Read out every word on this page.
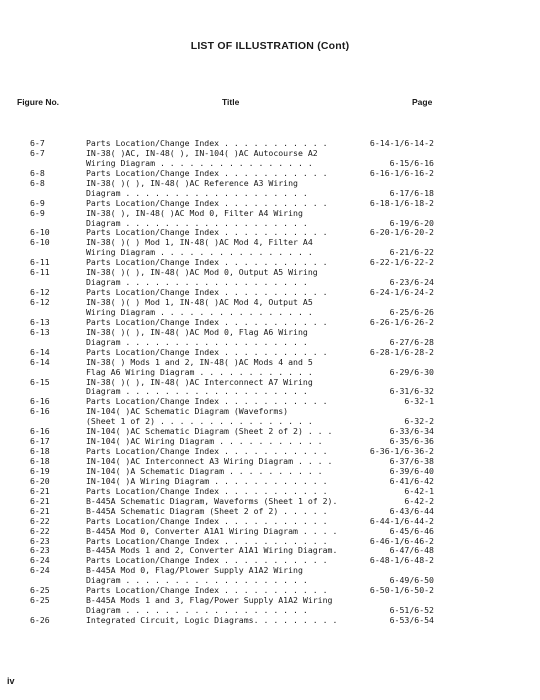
LIST OF ILLUSTRATION (Cont)
Figure No.	Title	Page
6-7	Parts Location/Change Index . . . . . . . . . . .	6-14-1/6-14-2
6-7	IN-38( )AC, IN-48( ), IN-104( )AC Autocourse A2
Wiring Diagram . . . . . . . . . . . . . . . .	6-15/6-16
6-8	Parts Location/Change Index . . . . . . . . . . .	6-16-1/6-16-2
6-8	IN-38( )( ), IN-48( )AC Reference A3 Wiring
Diagram . . . . . . . . . . . . . . . . . . .	6-17/6-18
6-9	Parts Location/Change Index . . . . . . . . . . .	6-18-1/6-18-2
6-9	IN-38( ), IN-48( )AC Mod 0, Filter A4 Wiring
Diagram . . . . . . . . . . . . . . . . . . .	6-19/6-20
6-10	Parts Location/Change Index . . . . . . . . . . .	6-20-1/6-20-2
6-10	IN-38( )( ) Mod 1, IN-48( )AC Mod 4, Filter A4
Wiring Diagram . . . . . . . . . . . . . . . .	6-21/6-22
6-11	Parts Location/Change Index . . . . . . . . . . .	6-22-1/6-22-2
6-11	IN-38( )( ), IN-48( )AC Mod 0, Output A5 Wiring
Diagram . . . . . . . . . . . . . . . . . . .	6-23/6-24
6-12	Parts Location/Change Index . . . . . . . . . . .	6-24-1/6-24-2
6-12	IN-38( )( ) Mod 1, IN-48( )AC Mod 4, Output A5
Wiring Diagram . . . . . . . . . . . . . . . .	6-25/6-26
6-13	Parts Location/Change Index . . . . . . . . . . .	6-26-1/6-26-2
6-13	IN-38( )( ), IN-48( )AC Mod 0, Flag A6 Wiring
Diagram . . . . . . . . . . . . . . . . . . .	6-27/6-28
6-14	Parts Location/Change Index . . . . . . . . . . .	6-28-1/6-28-2
6-14	IN-38( ) Mods 1 and 2, IN-48( )AC Mods 4 and 5
Flag A6 Wiring Diagram . . . . . . . . . . . .	6-29/6-30
6-15	IN-38( )( ), IN-48( )AC Interconnect A7 Wiring
Diagram . . . . . . . . . . . . . . . . . . .	6-31/6-32
6-16	Parts Location/Change Index . . . . . . . . . . .	6-32-1
6-16	IN-104( )AC Schematic Diagram (Waveforms)
(Sheet 1 of 2) . . . . . . . . . . . . . . . .	6-32-2
6-16	IN-104( )AC Schematic Diagram (Sheet 2 of 2) . . .	6-33/6-34
6-17	IN-104( )AC Wiring Diagram . . . . . . . . . . .	6-35/6-36
6-18	Parts Location/Change Index . . . . . . . . . . .	6-36-1/6-36-2
6-18	IN-104( )AC Interconnect A3 Wiring Diagram . . . .	6-37/6-38
6-19	IN-104( )A Schematic Diagram . . . . . . . . . .	6-39/6-40
6-20	IN-104( )A Wiring Diagram . . . . . . . . . . . .	6-41/6-42
6-21	Parts Location/Change Index . . . . . . . . . . .	6-42-1
6-21	B-445A Schematic Diagram, Waveforms (Sheet 1 of 2).	6-42-2
6-21	B-445A Schematic Diagram (Sheet 2 of 2) . . . . .	6-43/6-44
6-22	Parts Location/Change Index . . . . . . . . . . .	6-44-1/6-44-2
6-22	B-445A Mod 0, Converter A1A1 Wiring Diagram . . . .	6-45/6-46
6-23	Parts Location/Change Index . . . . . . . . . . .	6-46-1/6-46-2
6-23	B-445A Mods 1 and 2, Converter A1A1 Wiring Diagram.	6-47/6-48
6-24	Parts Location/Change Index . . . . . . . . . . .	6-48-1/6-48-2
6-24	B-445A Mod 0, Flag/Plower Supply A1A2 Wiring
Diagram . . . . . . . . . . . . . . . . . . .	6-49/6-50
6-25	Parts Location/Change Index . . . . . . . . . . .	6-50-1/6-50-2
6-25	B-445A Mods 1 and 3, Flag/Power Supply A1A2 Wiring
Diagram . . . . . . . . . . . . . . . . . . .	6-51/6-52
6-26	Integrated Circuit, Logic Diagrams. . . . . . . . .	6-53/6-54
iv
